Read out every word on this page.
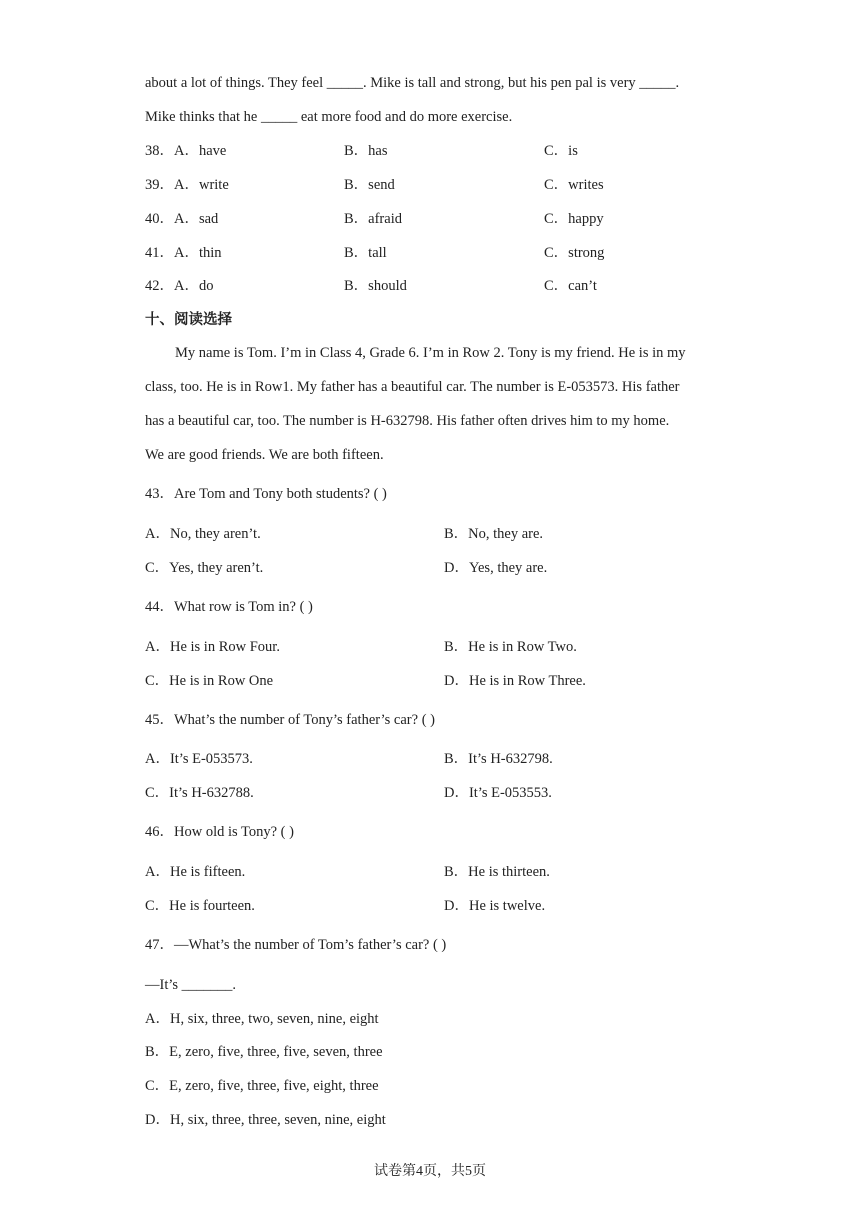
about a lot of things. They feel _____. Mike is tall and strong, but his pen pal is very _____.
Mike thinks that he _____ eat more food and do more exercise.
38． A．have	B．has	C．is
39． A．write	B．send	C．writes
40． A．sad	B．afraid	C．happy
41． A．thin	B．tall	C．strong
42． A．do	B．should	C．can’t
十、阅读选择
My name is Tom. I’m in Class 4, Grade 6. I’m in Row 2. Tony is my friend. He is in my
class, too. He is in Row1. My father has a beautiful car. The number is E-053573. His father
has a beautiful car, too. The number is H-632798. His father often drives him to my home.
We are good friends. We are both fifteen.
43．Are Tom and Tony both students? ( )
A．No, they aren’t.	B．No, they are.
C．Yes, they aren’t.	D．Yes, they are.
44．What row is Tom in? ( )
A．He is in Row Four.	B．He is in Row Two.
C．He is in Row One	D．He is in Row Three.
45．What’s the number of Tony’s father’s car? ( )
A．It’s E-053573.	B．It’s H-632798.
C．It’s H-632788.	D．It’s E-053553.
46．How old is Tony? ( )
A．He is fifteen.	B．He is thirteen.
C．He is fourteen.	D．He is twelve.
47．—What’s the number of Tom’s father’s car? ( )
—It’s _______.
A．H, six, three, two, seven, nine, eight
B．E, zero, five, three, five, seven, three
C．E, zero, five, three, five, eight, three
D．H, six, three, three, seven, nine, eight
试卷第4页，共5页
